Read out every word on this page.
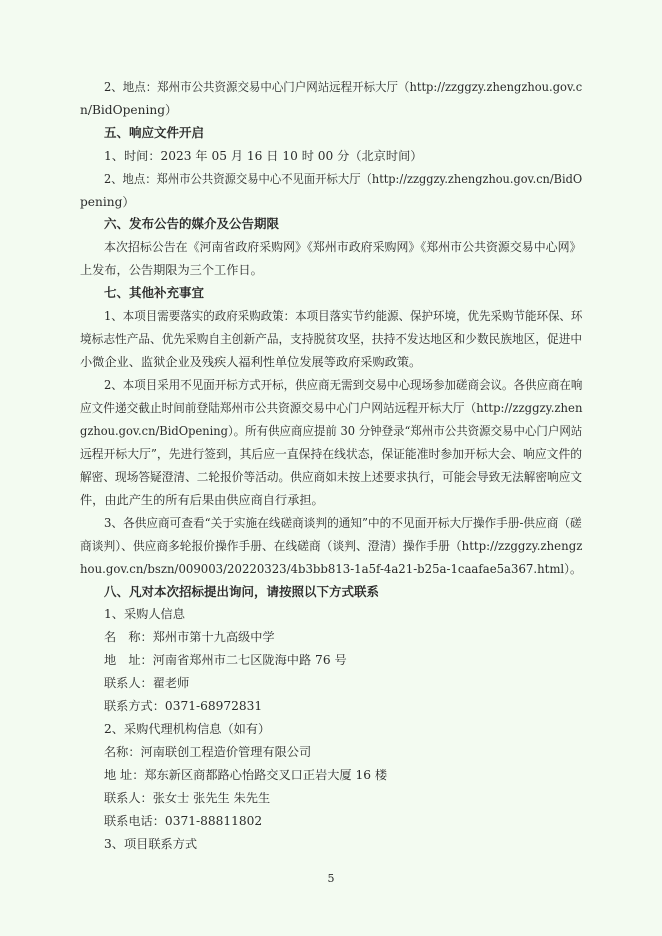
2、地点：郑州市公共资源交易中心门户网站远程开标大厅（http://zzggzy.zhengzhou.gov.c
n/BidOpening）
五、响应文件开启
1、时间：2023 年 05 月 16 日 10 时 00 分（北京时间）
2、地点：郑州市公共资源交易中心不见面开标大厅（http://zzggzy.zhengzhou.gov.cn/BidO
pening）
六、发布公告的媒介及公告期限
本次招标公告在《河南省政府采购网》《郑州市政府采购网》《郑州市公共资源交易中心网》
上发布，公告期限为三个工作日。
七、其他补充事宜
1、本项目需要落实的政府采购政策：本项目落实节约能源、保护环境，优先采购节能环保、环
境标志性产品、优先采购自主创新产品，支持脱贫攻坚，扶持不发达地区和少数民族地区，促进中
小微企业、监狱企业及残疾人福利性单位发展等政府采购政策。
2、本项目采用不见面开标方式开标，供应商无需到交易中心现场参加磋商会议。各供应商在响
应文件递交截止时间前登陆郑州市公共资源交易中心门户网站远程开标大厅（http://zzggzy.zhen
gzhou.gov.cn/BidOpening）。所有供应商应提前 30 分钟登录“郑州市公共资源交易中心门户网站
远程开标大厅”，先进行签到，其后应一直保持在线状态，保证能准时参加开标大会、响应文件的
解密、现场答疑澄清、二轮报价等活动。供应商如未按上述要求执行，可能会导致无法解密响应文
件，由此产生的所有后果由供应商自行承担。
3、各供应商可查看“关于实施在线磋商谈判的通知”中的不见面开标大厅操作手册-供应商（磋
商谈判）、供应商多轮报价操作手册、在线磋商（谈判、澄清）操作手册（http://zzggzy.zhengz
hou.gov.cn/bszn/009003/20220323/4b3bb813-1a5f-4a21-b25a-1caafae5a367.html）。
八、凡对本次招标提出询问，请按照以下方式联系
1、采购人信息
名　称：郑州市第十九高级中学
地　址：河南省郑州市二七区陇海中路 76 号
联系人：翟老师
联系方式：0371-68972831
2、采购代理机构信息（如有）
名称：河南联创工程造价管理有限公司
地 址：郑东新区商都路心怡路交叉口正岩大厦 16 楼
联系人：张女士 张先生 朱先生
联系电话：0371-88811802
3、项目联系方式
5
